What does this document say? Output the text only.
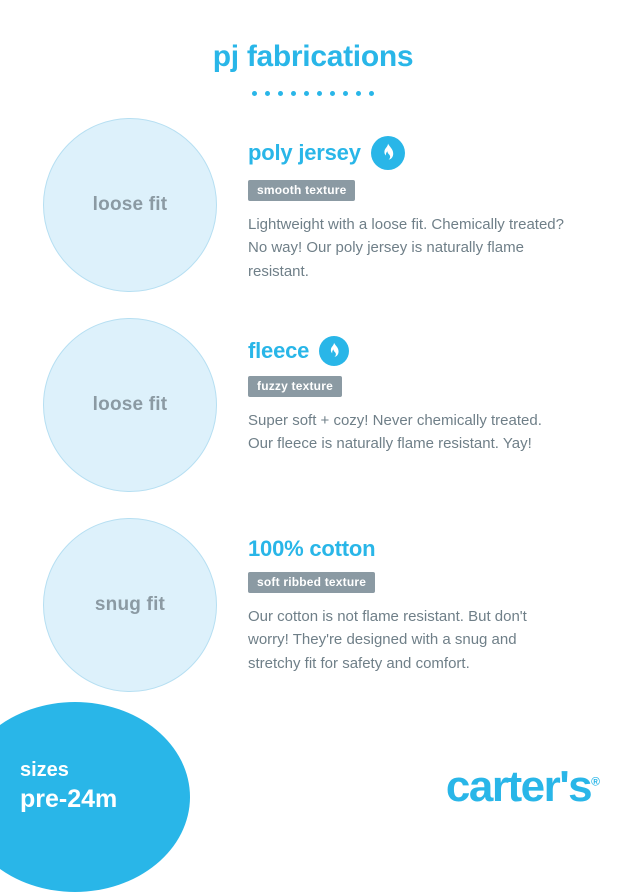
pj fabrications
loose fit
poly jersey
smooth texture
Lightweight with a loose fit. Chemically treated? No way! Our poly jersey is naturally flame resistant.
loose fit
fleece
fuzzy texture
Super soft + cozy! Never chemically treated. Our fleece is naturally flame resistant. Yay!
snug fit
100% cotton
soft ribbed texture
Our cotton is not flame resistant. But don't worry! They're designed with a snug and stretchy fit for safety and comfort.
sizes
pre-24m	carter's®
